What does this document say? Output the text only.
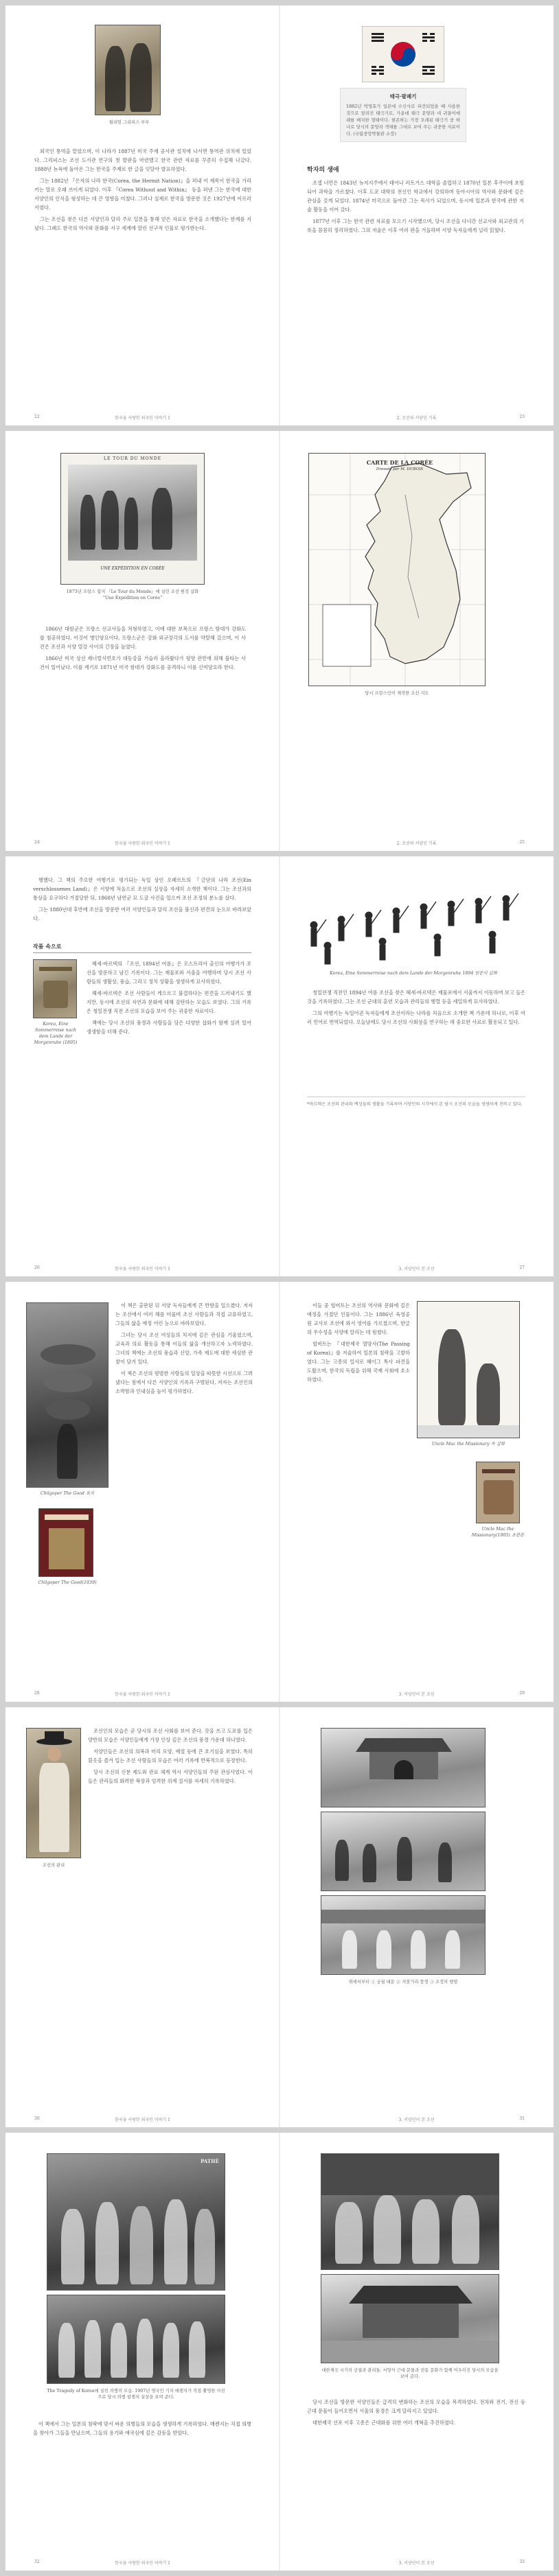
윌리엄 그리피스 부부

외국인 통역을 맡았으며, 이 나라가 1887년 미국 주재 공사관 설치에 나서면 통역관 위치에 있었다. 그리피스는 조선 도서관 연구의 첫 발판을 마련했고 한국 관련 자료를 꾸준히 수집해 나갔다. 1888년 뉴욕에 돌아온 그는 한국을 주제로 한 글을 잇달아 발표하였다.

그는 1882년 『은자의 나라 한국(Corea, the Hermit Nation)』을 펴내 이 제목이 한국을 가리키는 말로 오래 쓰이게 되었다. 이후 『Corea Without and Within』 등을 펴낸 그는 한국에 대한 서양인의 인식을 형성하는 데 큰 영향을 미쳤다. 그러나 실제로 한국을 방문한 것은 1927년에 이르러서였다.

그는 조선을 찾은 다른 서양인과 달리 주로 일본을 통해 얻은 자료로 한국을 소개했다는 한계를 지녔다. 그래도 한국의 역사와 문화를 서구 세계에 알린 선구적 인물로 평가받는다.

22	한국을 사랑한 외국인 이야기 1
태극·팔괘기
1882년 박영효가 일본에 수신사로 파견되었을 때 사용한 것으로 알려진 태극기로, 가운데 태극 문양과 네 귀퉁이에 괘를 배치한 형태이다. 현존하는 가장 오래된 태극기 중 하나로 당시의 문양과 색채를 그대로 보여 주는 귀중한 자료이다. (국립중앙박물관 소장)
학자의 생애

조셉 너먼은 1843년 뉴저지주에서 태어나 러트거스 대학을 졸업하고 1870년 일본 후쿠이에 초빙되어 과학을 가르쳤다. 이후 도쿄 대학의 전신인 학교에서 강의하며 동아시아의 역사와 문화에 깊은 관심을 갖게 되었다. 1874년 미국으로 돌아간 그는 목사가 되었으며, 동시에 일본과 한국에 관한 저술 활동을 이어 갔다.

1877년 이후 그는 한국 관련 자료를 모으기 시작했으며, 당시 조선을 다녀간 선교사와 외교관의 기록을 꼼꼼히 정리하였다. 그의 저술은 이후 여러 판을 거듭하며 서양 독자들에게 널리 읽혔다.

2. 조선의 서양인 기록	23
LE TOUR DU MONDE
UNE EXPÉDITION EN CORÉE
1873년 프랑스 잡지 『Le Tour du Monde』에 실린 조선 원정 삽화 “Une Expédition en Corée”

1866년 대원군은 프랑스 선교사들을 처형하였고, 이에 대한 보복으로 프랑스 함대가 강화도를 침공하였다. 이것이 병인양요이다. 프랑스군은 강화 외규장각의 도서를 약탈해 갔으며, 이 사건은 조선과 서양 열강 사이의 긴장을 높였다.

1866년 미국 상선 제너럴셔먼호가 대동강을 거슬러 올라왔다가 평양 관민에 의해 불타는 사건이 일어났다. 이를 계기로 1871년 미국 함대가 강화도를 공격하니 이를 신미양요라 한다.

24	한국을 사랑한 외국인 이야기 1
CARTE DE LA CORÉE
Dressée par M. DUBOIS
당시 프랑스인이 제작한 조선 지도
2. 조선의 서양인 기록	25

행했다. 그 책의 주요한 여행기로 평가되는 독일 상인 오페르트의 『금단의 나라 조선(Ein verschlossenes Land)』은 서양에 처음으로 조선의 실상을 자세히 소개한 책이다. 그는 조선과의 통상을 요구하다 거절당한 뒤, 1868년 남연군 묘 도굴 사건을 일으켜 조선 조정의 분노를 샀다.

그는 1880년대 후반에 조선을 방문한 여러 서양인들과 달리 조선을 불신과 편견의 눈으로 바라보았다.

작품 속으로
Korea, Eine Sommerreise nach dem Lande der Morgenruhe (1895)

헤세-바르텍의 『조선, 1894년 여름』은 오스트리아 출신의 여행가가 조선을 방문하고 남긴 기록이다. 그는 제물포와 서울을 여행하며 당시 조선 사람들의 생활상, 풍습, 그리고 정치 상황을 생생하게 묘사하였다.

헤세-바르텍은 조선 사람들이 게으르고 불결하다는 편견을 드러내기도 했지만, 동시에 조선의 자연과 문화에 대해 감탄하는 모습도 보였다. 그의 기록은 청일전쟁 직전 조선의 모습을 보여 주는 귀중한 자료이다.

책에는 당시 조선의 풍경과 사람들을 담은 다양한 삽화가 함께 실려 있어 생생함을 더해 준다.

26	한국을 사랑한 외국인 이야기 1
Korea, Eine Sommerreise nach dem Lande der Morgenruhe 1894 원문의 삽화

청일전쟁 직전인 1894년 여름 조선을 찾은 헤세-바르텍은 제물포에서 서울까지 이동하며 보고 들은 것을 기록하였다. 그는 조선 군대의 훈련 모습과 관리들의 행렬 등을 세밀하게 묘사하였다.

그의 여행기는 독일어권 독자들에게 조선이라는 나라를 처음으로 소개한 책 가운데 하나로, 이후 여러 언어로 번역되었다. 오늘날에도 당시 조선의 사회상을 연구하는 데 중요한 사료로 활용되고 있다.

*바르텍은 조선의 관리와 백성들의 생활을 기록하며 서양인의 시각에서 본 당시 조선의 모습을 생생하게 전하고 있다.
3. 서양인이 본 조선	27
Chilgoper The Good 표지
Chilgoper The Good(1939)

이 책은 출판된 뒤 서양 독자들에게 큰 반향을 일으켰다. 저자는 조선에서 여러 해를 머물며 조선 사람들과 직접 교류하였고, 그들의 삶을 애정 어린 눈으로 바라보았다.

그녀는 당시 조선 여성들의 처지에 깊은 관심을 기울였으며, 교육과 의료 활동을 통해 이들의 삶을 개선하고자 노력하였다. 그녀의 책에는 조선의 풍습과 신앙, 가족 제도에 대한 세심한 관찰이 담겨 있다.

이 책은 조선의 평범한 사람들의 일상을 따뜻한 시선으로 그려 냈다는 점에서 다른 서양인의 기록과 구별된다. 저자는 조선인의 소박함과 인내심을 높이 평가하였다.

28	한국을 사랑한 외국인 이야기 1

이들 중 헐버트는 조선의 역사와 문화에 깊은 애정을 가졌던 인물이다. 그는 1886년 육영공원 교사로 조선에 와서 영어를 가르쳤으며, 한글의 우수성을 서양에 알리는 데 힘썼다.

헐버트는 『대한제국 멸망사(The Passing of Korea)』를 저술하여 일본의 침략을 고발하였다. 그는 고종의 밀사로 헤이그 특사 파견을 도왔으며, 한국의 독립을 위해 국제 사회에 호소하였다.

Uncle Mac the Missionary 속 삽화
Uncle Mac the Missionary(1905) 초판본
3. 서양인이 본 조선	29
조선의 관리

조선인의 모습은 곧 당시의 조선 사회를 보여 준다. 갓을 쓰고 도포를 입은 양반의 모습은 서양인들에게 가장 인상 깊은 조선의 풍경 가운데 하나였다.

서양인들은 조선의 의복과 머리 모양, 예절 등에 큰 호기심을 보였다. 특히 흰옷을 즐겨 입는 조선 사람들의 모습은 여러 기록에 반복적으로 등장한다.

당시 조선의 신분 제도와 관료 체계 역시 서양인들의 주된 관심사였다. 이들은 관리들의 화려한 복장과 엄격한 위계 질서를 자세히 기록하였다.

30	한국을 사랑한 외국인 이야기 1
위에서부터 ① 궁궐 대문 ② 저잣거리 풍경 ③ 조정의 행렬
3. 서양인이 본 조선	31
PATHÉ
The Tragedy of Korea에 실린 의병의 모습. 1907년 영국인 기자 매켄지가 직접 촬영한 사진으로 당시 의병 항쟁의 실상을 보여 준다.

이 책에서 그는 일본의 침략에 맞서 싸운 의병들의 모습을 생생하게 기록하였다. 매켄지는 직접 의병을 찾아가 그들을 만났으며, 그들의 용기와 애국심에 깊은 감동을 받았다.

32	한국을 사랑한 외국인 이야기 1
대한제국 시기의 궁궐과 관리들. 서양식 근대 문물과 전통 문화가 함께 어우러진 당시의 모습을 보여 준다.

당시 조선을 방문한 서양인들은 급격히 변화하는 조선의 모습을 목격하였다. 전차와 전기, 전신 등 근대 문물이 들어오면서 서울의 풍경은 크게 달라지고 있었다.

대한제국 선포 이후 고종은 근대화를 위한 여러 개혁을 추진하였다.

3. 서양인이 본 조선	33
